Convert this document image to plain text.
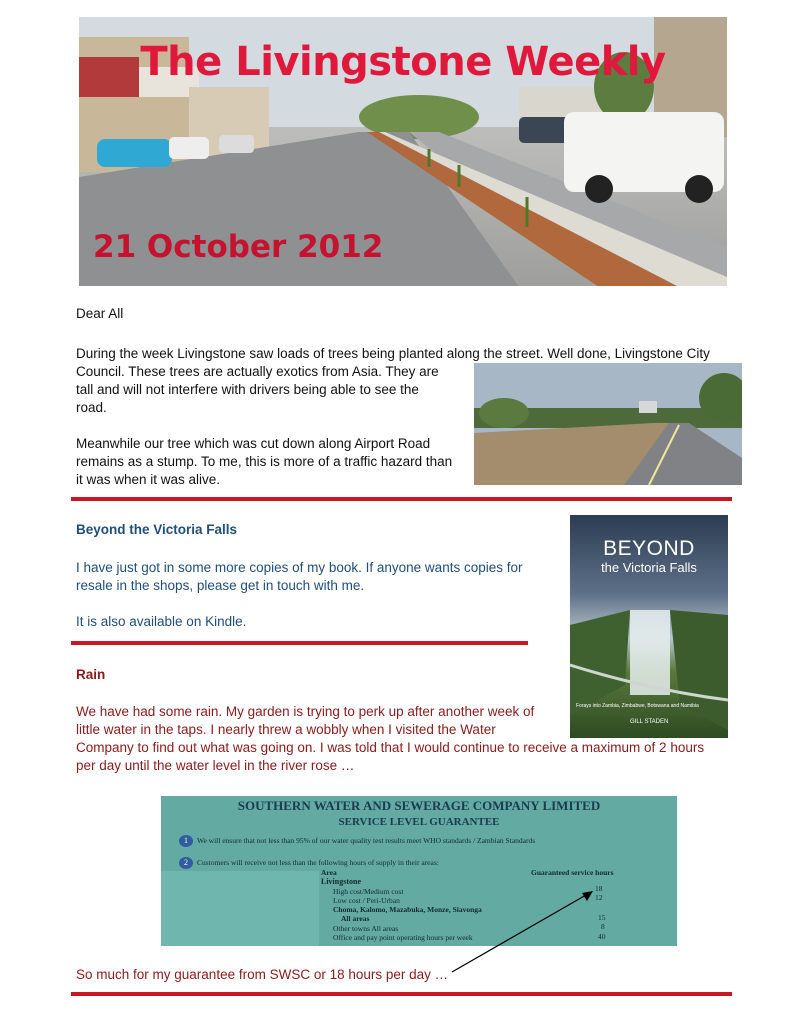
The Livingstone Weekly
21 October 2012
Dear All
During the week Livingstone saw loads of trees being planted along the street. Well done, Livingstone City
Council. These trees are actually exotics from Asia. They are
tall and will not interfere with drivers being able to see the
road.
Meanwhile our tree which was cut down along Airport Road
remains as a stump. To me, this is more of a traffic hazard than
it was when it was alive.
Beyond the Victoria Falls
I have just got in some more copies of my book. If anyone wants copies for
resale in the shops, please get in touch with me.
It is also available on Kindle.
BEYOND
the Victoria Falls
Forays into Zambia, Zimbabwe, Botswana and Namibia
GILL STADEN
Rain
We have had some rain. My garden is trying to perk up after another week of
little water in the taps. I nearly threw a wobbly when I visited the Water
Company to find out what was going on. I was told that I would continue to receive a maximum of 2 hours
per day until the water level in the river rose …
SOUTHERN WATER AND SEWERAGE COMPANY LIMITED
SERVICE LEVEL GUARANTEE
1	We will ensure that not less than 95% of our water quality test results meet WHO standards / Zambian Standards
2	Customers will receive not less than the following hours of supply in their areas:
Area	Guaranteed service hours
Livingstone
High cost/Medium cost	18
Low cost / Peri-Urban	12
Choma, Kalomo, Mazabuka, Monze, Siavonga
All areas	15
Other towns All areas	8
Office and pay point operating hours per week	40
So much for my guarantee from SWSC or 18 hours per day …
